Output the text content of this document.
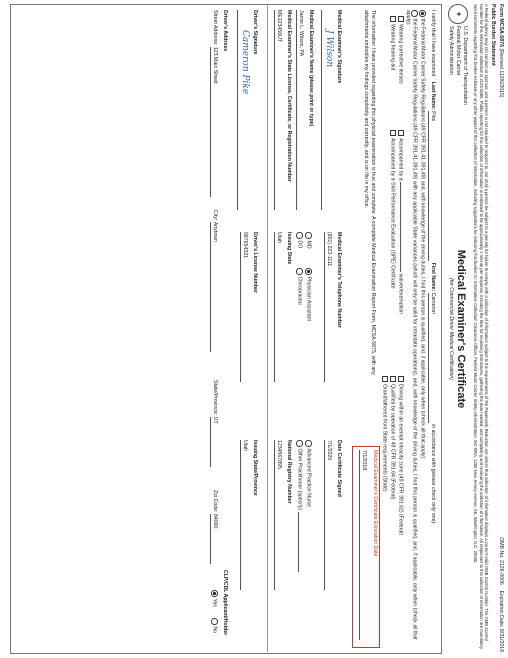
Form MCSA-5876 (Revised 11/06/2015)
OMB No. 2126-0006    Expiration Date: 8/31/2018
Public Burden Statement
A Federal agency may not conduct or sponsor, and a person is not required to respond to, nor shall a person be subject to a penalty for failure to comply with a collection of information subject to the requirements of the Paperwork Reduction Act unless that collection of information displays a current valid OMB Control Number. The OMB Control Number for this information collection is 2126-0006. Public reporting for this collection of information is estimated to be approximately 1 minute per response, including the time for reviewing instructions, gathering the data needed, and completing and reviewing the collection of information. All responses to this collection of information are mandatory. Send comments regarding this burden estimate or any other aspect of this collection of information, including suggestions for reducing this burden to: Information Collection Clearance Officer, Federal Motor Carrier Safety Administration, MC-RRA, 1200 New Jersey Avenue, SE, Washington, D.C. 20590.
✦
U.S. Department of Transportation
Federal Motor Carrier
Safety Administration
Medical Examiner's Certificate
(for Commercial Driver Medical Certification)
I certify that I have examined Last Name: Pike First Name: Cameron in accordance with (please check only one):
the Federal Motor Carrier Safety Regulations (49 CFR 391.41-391.49) and, with knowledge of the driving duties, I find this person is qualified, and, if applicable, only when (check all that apply):
the Federal Motor Carrier Safety Regulations (49 CFR 391.41-391.49) with any applicable State variances (which will only be valid for intrastate operations), and, with knowledge of the driving duties, I find this person is qualified, and, if applicable, only when (check all that apply):
Wearing corrective lenses
Wearing hearing aid
Accompanied by a  waiver/exemption
Accompanied by a Skill Performance Evaluation (SPE) Certificate
Driving within an exempt intracity zone (49 CFR 391.62) (Federal)
Qualified by operation of 49 CFR 391.64 (Federal)
Grandfathered from State requirements (State)
The information I have provided regarding this physical examination is true and complete. A complete Medical Examination Report Form, MCSA-5875, with any attachments embodies my findings completely and correctly, and is on file in my office.
Medical Examiner's Certificate Expiration Date
7/1/2018
Medical Examiner's Signature
J Wilson
Medical Examiner's Telephone Number
(801) 222-1111
Date Certificate Signed
7/1/2020
Medical Examiner's Name (please print or type)
Jamie L. Wilson, PA
MD
DO
Physician Assistant
Chiropractor
Advanced Practice Nurse
Other Practitioner (specify)
Medical Examiner's State License, Certificate, or Registration Number
ME123456UT
Issuing State
Utah
National Registry Number
1234567895
Driver's Signature
Cameron Pike
Driver's License Number
987654321
Issuing State/Province
Utah
Driver's Address
CLP/CDL Applicant/Holder
Street Address: 123 Main Street
City: Anytown
State/Province: UT
Zip Code: 84000
Yes
No
